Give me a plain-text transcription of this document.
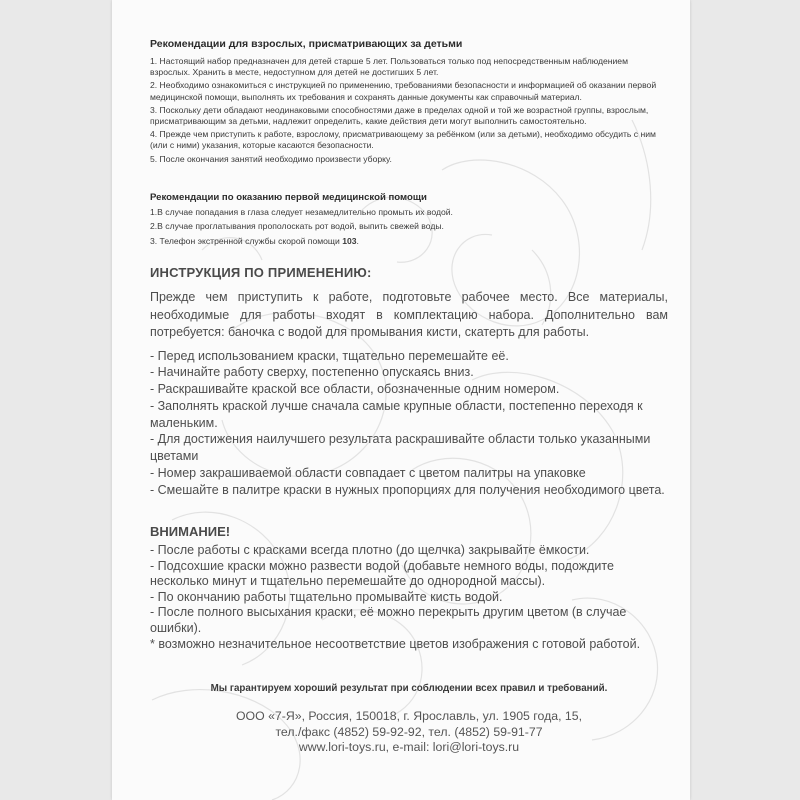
Рекомендации для взрослых, присматривающих за детьми
1. Настоящий набор предназначен для детей старше 5 лет. Пользоваться только под непосредственным наблюдением взрослых. Хранить в месте, недоступном для детей не достигших 5 лет.
2. Необходимо ознакомиться с инструкцией по применению, требованиями безопасности и информацией об оказании первой медицинской помощи, выполнять их требования и сохранять данные документы как справочный материал.
3. Поскольку дети обладают неодинаковыми способностями даже в пределах одной и той же возрастной группы, взрослым, присматривающим за детьми, надлежит определить, какие действия дети могут выполнить самостоятельно.
4. Прежде чем приступить к работе, взрослому, присматривающему за ребёнком (или за детьми), необходимо обсудить с ним (или с ними) указания, которые касаются безопасности.
5. После окончания занятий необходимо произвести уборку.
Рекомендации по оказанию первой медицинской помощи
1.В случае попадания в глаза следует незамедлительно промыть их водой.
2.В случае проглатывания прополоскать рот водой, выпить свежей воды.
3. Телефон экстренной службы скорой помощи 103.
ИНСТРУКЦИЯ ПО ПРИМЕНЕНИЮ:

Прежде чем приступить к работе, подготовьте рабочее место. Все материалы, необходимые для работы входят в комплектацию набора. Дополнительно вам потребуется: баночка с водой для промывания кисти, скатерть для работы.

- Перед использованием краски, тщательно перемешайте её.
- Начинайте работу сверху, постепенно опускаясь вниз.
- Раскрашивайте краской все области, обозначенные одним номером.
- Заполнять краской лучше сначала самые крупные области, постепенно переходя к маленьким.
- Для достижения наилучшего результата раскрашивайте области только указанными цветами
- Номер закрашиваемой области совпадает с цветом палитры на упаковке
- Смешайте в палитре краски в нужных пропорциях для получения необходимого цвета.
ВНИМАНИЕ!
- После работы с красками всегда плотно (до щелчка) закрывайте ёмкости.
- Подсохшие краски можно развести водой (добавьте немного воды, подождите несколько минут и тщательно перемешайте до однородной массы).
- По окончанию работы тщательно промывайте кисть водой.
- После полного высыхания краски, её можно перекрыть другим цветом (в случае ошибки).
* возможно незначительное несоответствие цветов изображения с готовой работой.
Мы гарантируем хороший результат при соблюдении всех правил и требований.
ООО «7-Я», Россия, 150018, г. Ярославль, ул. 1905 года, 15,
тел./факс (4852) 59-92-92, тел. (4852) 59-91-77
www.lori-toys.ru, e-mail: lori@lori-toys.ru
